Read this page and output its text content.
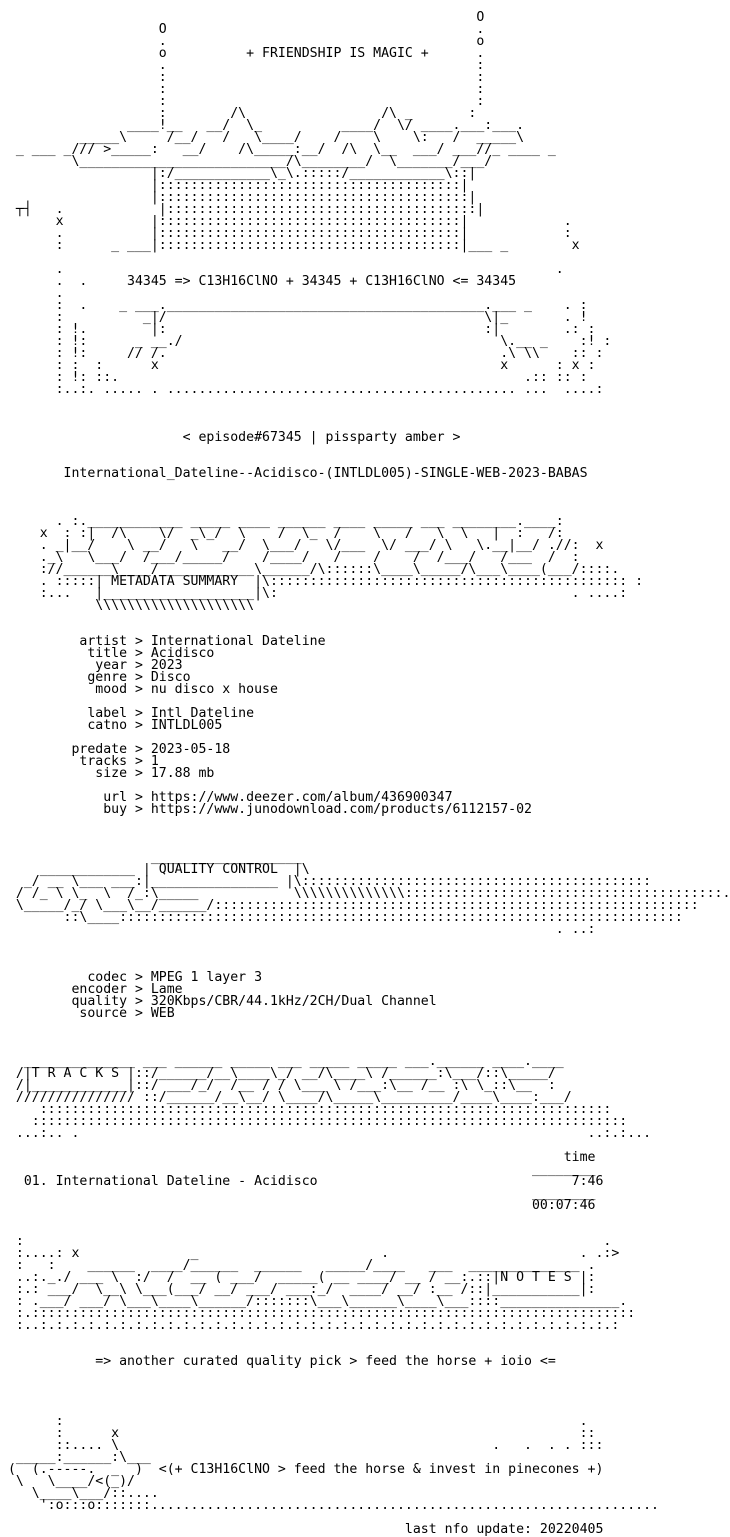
O
O                                       .
.                                       o
o          + FRIENDSHIP IS MAGIC +      .
.                                       :
:                                       :
:                                       :
:                                       :
:        /\                 /\ _       :
____!__   __/  \_          ____/  \/ ____.___:___.
_____\     /__/   /   \____/    /    \    \:   /  _____\
_ ___ _/// >_____:   __/    /\_____:__/  /\  \__  ___/ ___//_ ____ _
\__________________________/\________/  \_______/___/
|:/____________\_\.:::::/____________\::|
|::::::::::::::::::::::::::::::::::::::|
|:::::::::::::::::::::::::::::::::::::::|
┬┤   .            |:::::::::::::::::::::::::::::::::::::::|
x           |::::::::::::::::::::::::::::::::::::::|            .
.           |::::::::::::::::::::::::::::::::::::::|            :
:      _ ___|::::::::::::::::::::::::::::::::::::::|___ _        x
.                                                              .
.  .     34345 => C13H16ClNO + 34345 + C13H16ClNO <= 34345
.
:  .    _ ___.________________________________________.___ _    . :
:          _|/                                        \|_       . !
: !.        |:                                        :|        .: :
: !:      _ __./                                        \.__ _    :! :
: !:     // /.                                          .\ \\    :: :
: :  :      x                                           x      : x :
: !: ::.                                                   .:: :: :
:..:. ..... . ............................................ ...  ....:
< episode#67345 | pissparty amber >
International_Dateline--Acidisco-(INTLDL005)-SINGLE-WEB-2023-BABAS
. :.____________ _____ ____ ______ ____ _____ ___ ________.____:
x  : :|  /\    \/  _\_/  \    /  \_  /    \   /   \  \   |  :   /:
. _|__/    \ __/   \   __/  \___/   \/___  \/ ___/ \   \.__|__/ .//:  x
._\   \___/  /___/_____/    /____/   /    /    /  /___/   /___  /  :
://______\____/____________\______/\::::::\____\_____/\___\____(___/::::.
. :::::| METADATA SUMMARY  |\::::::::::::::::::::::::::::::::::::::::::::: :
:...   |___________________|\:                                     . ....:
\\\\\\\\\\\\\\\\\\\\
artist > International Dateline
title > Acidisco
year > 2023
genre > Disco
mood > nu disco x house
label > Intl Dateline
catno > INTLDL005
predate > 2023-05-18
tracks > 1
size > 17.88 mb
url > https://www.deezer.com/album/436900347
buy > https://www.junodownload.com/products/6112157-02
___________________
____________ | QUALITY CONTROL  |\
_/ __ \___ ___:|________________ |\::::::::::::::::::::::::::::::::::::::::::::
/ /_ \ \_  \  /_:\_____            \\\\\\\\\\\\\\::::::::::::::::::::::::::::::::::::::::.
\_____/_/ \___\__/______/:::::::::::::::::::::::::::::::::::::::::::::::::::::::::::::
::\____:::::::::::::::::::::::::::::::::::::::::::::::::::::::::::::::::::::::
. ..:
codec > MPEG 1 layer 3
encoder > Lame
quality > 320Kbps/CBR/44.1kHz/2CH/Dual Channel
source > WEB
______________ ___ ______ _____ ___ _____ _____ ___.______ ____.____
/|T R A C K S |::/______/__\____\_/ __/\____\ /______:\___/::\_____/
/|____________|::/ ___/_/  /__ / / \___ \ /___:\__ /__ :\ \_::\__  :
/////////////// ::/______/__\__/ \____/\_____\_________/____\____:___/
::::::::::::::::::::::::::::::::::::::::::::::::::::::::::::::::::::::::
:::::::::::::::::::::::::::::::::::::::::::::::::::::::::::::::::::::::::::
...:.. .                                                                ..:.:...
time
________
01. International Dateline - Acidisco                                7:46
________
00:07:46
:                                                                         .
:....: x              _                       .                        . .:>
:   :    ______  ____/______  ______   _____/____   ___  ______________ .
..:._./ ___ \  :/  /  __ ( ___/  _____( __ ____/ __ / __:.::|N O T E S |:
:.: ___/  \__\ \___(___/ __/ ___/ ___:_/  ____/ __/ :__ /::|___________|:
: .___/ ___/ \___\____\______/:::::::\___\______\____\___::::_______________.
:.::::::::::::::::::::::::::::::::::::::::::::::::::::::::::::::::::::::::::::
:..:.:.:.:.:.:.:.:.:.:.:.:.:.:.:.:.:.:.:.:.:.:.:.:.:.:.:.:.:.:.:.:.:.:.:.:.:
=> another curated quality pick > feed the horse + ioio <=
:                                                                 .
:      x                                                          ::
::.... \                                               .   .  . . :::
_____:______:\___
(  (.-----.  _  )  <(+ C13H16ClNO > feed the horse & invest in pinecones +)
\   \____/<(_)/
\____\___/::....
':o:::o:::::::................................................................
last nfo update: 20220405
